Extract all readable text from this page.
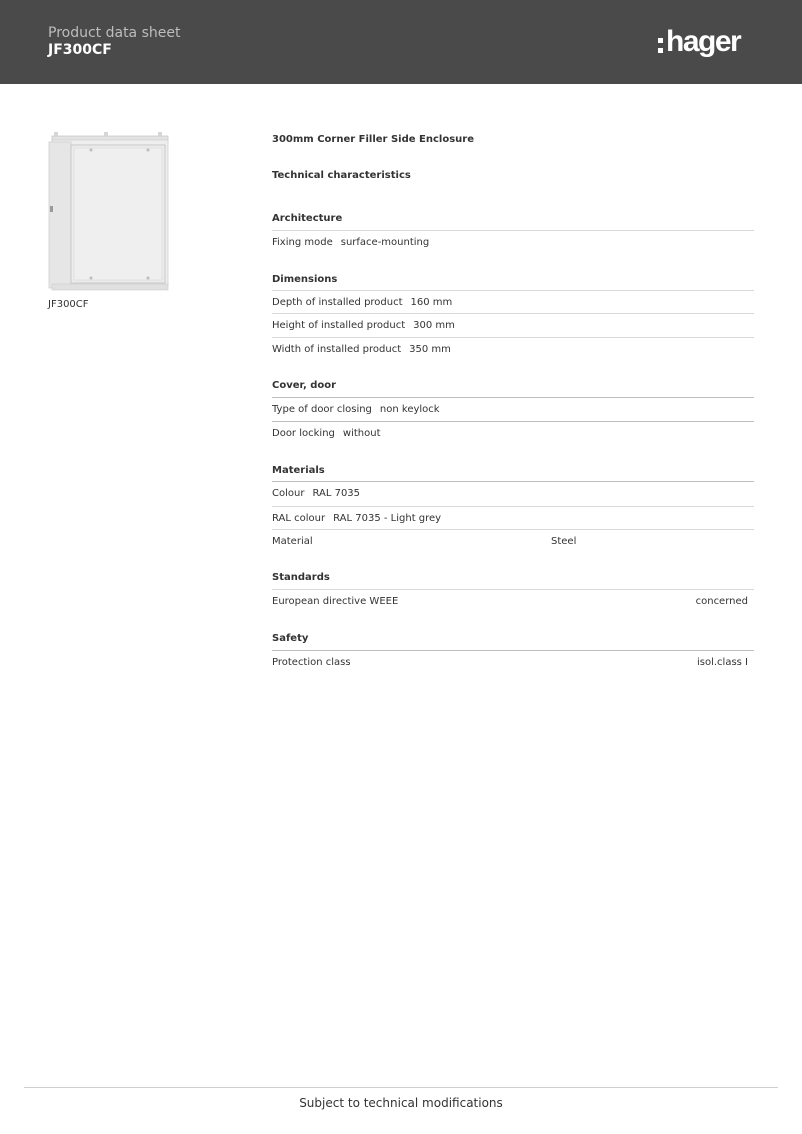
Product data sheet
JF300CF	hager
JF300CF
300mm Corner Filler Side Enclosure
Technical characteristics
Architecture
Fixing mode surface-mounting
Dimensions
Depth of installed product 160 mm
Height of installed product 300 mm
Width of installed product 350 mm
Cover, door
Type of door closing non keylock
Door locking without
Materials
Colour RAL 7035
RAL colour RAL 7035 - Light grey
Material	Steel
Standards
European directive WEEE	concerned
Safety
Protection class	isol.class I
Subject to technical modifications
